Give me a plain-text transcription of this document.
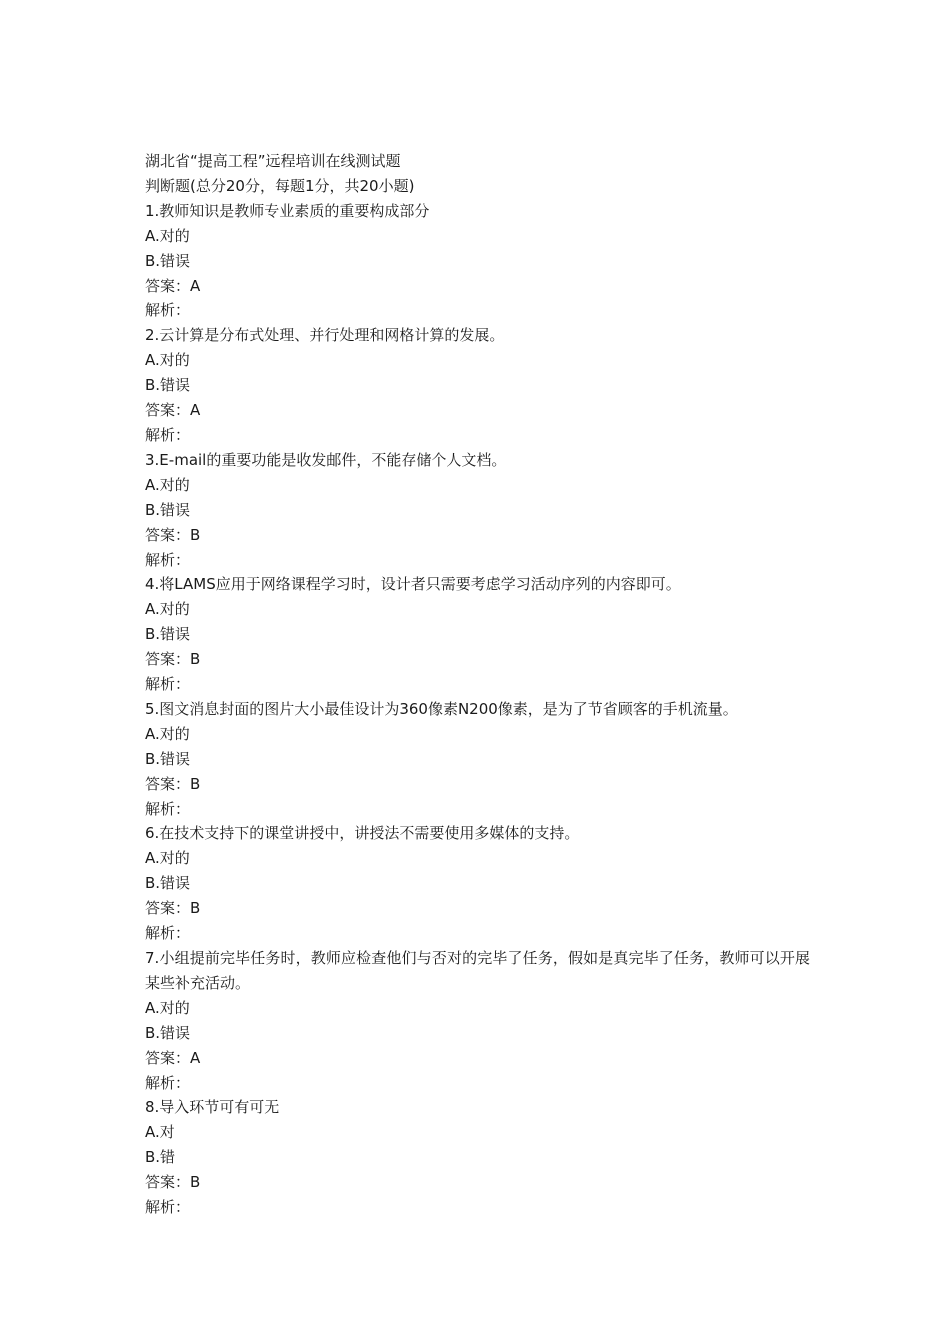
湖北省“提高工程”远程培训在线测试题

判断题(总分20分，每题1分，共20小题)

1.教师知识是教师专业素质的重要构成部分

A.对的

B.错误

答案：A

解析：

2.云计算是分布式处理、并行处理和网格计算的发展。

A.对的

B.错误

答案：A

解析：

3.E-mail的重要功能是收发邮件，不能存储个人文档。

A.对的

B.错误

答案：B

解析：

4.将LAMS应用于网络课程学习时，设计者只需要考虑学习活动序列的内容即可。

A.对的

B.错误

答案：B

解析：

5.图文消息封面的图片大小最佳设计为360像素N200像素，是为了节省顾客的手机流量。

A.对的

B.错误

答案：B

解析：

6.在技术支持下的课堂讲授中，讲授法不需要使用多媒体的支持。

A.对的

B.错误

答案：B

解析：

7.小组提前完毕任务时，教师应检查他们与否对的完毕了任务，假如是真完毕了任务，教师可以开展某些补充活动。

A.对的

B.错误

答案：A

解析：

8.导入环节可有可无

A.对

B.错

答案：B

解析：
